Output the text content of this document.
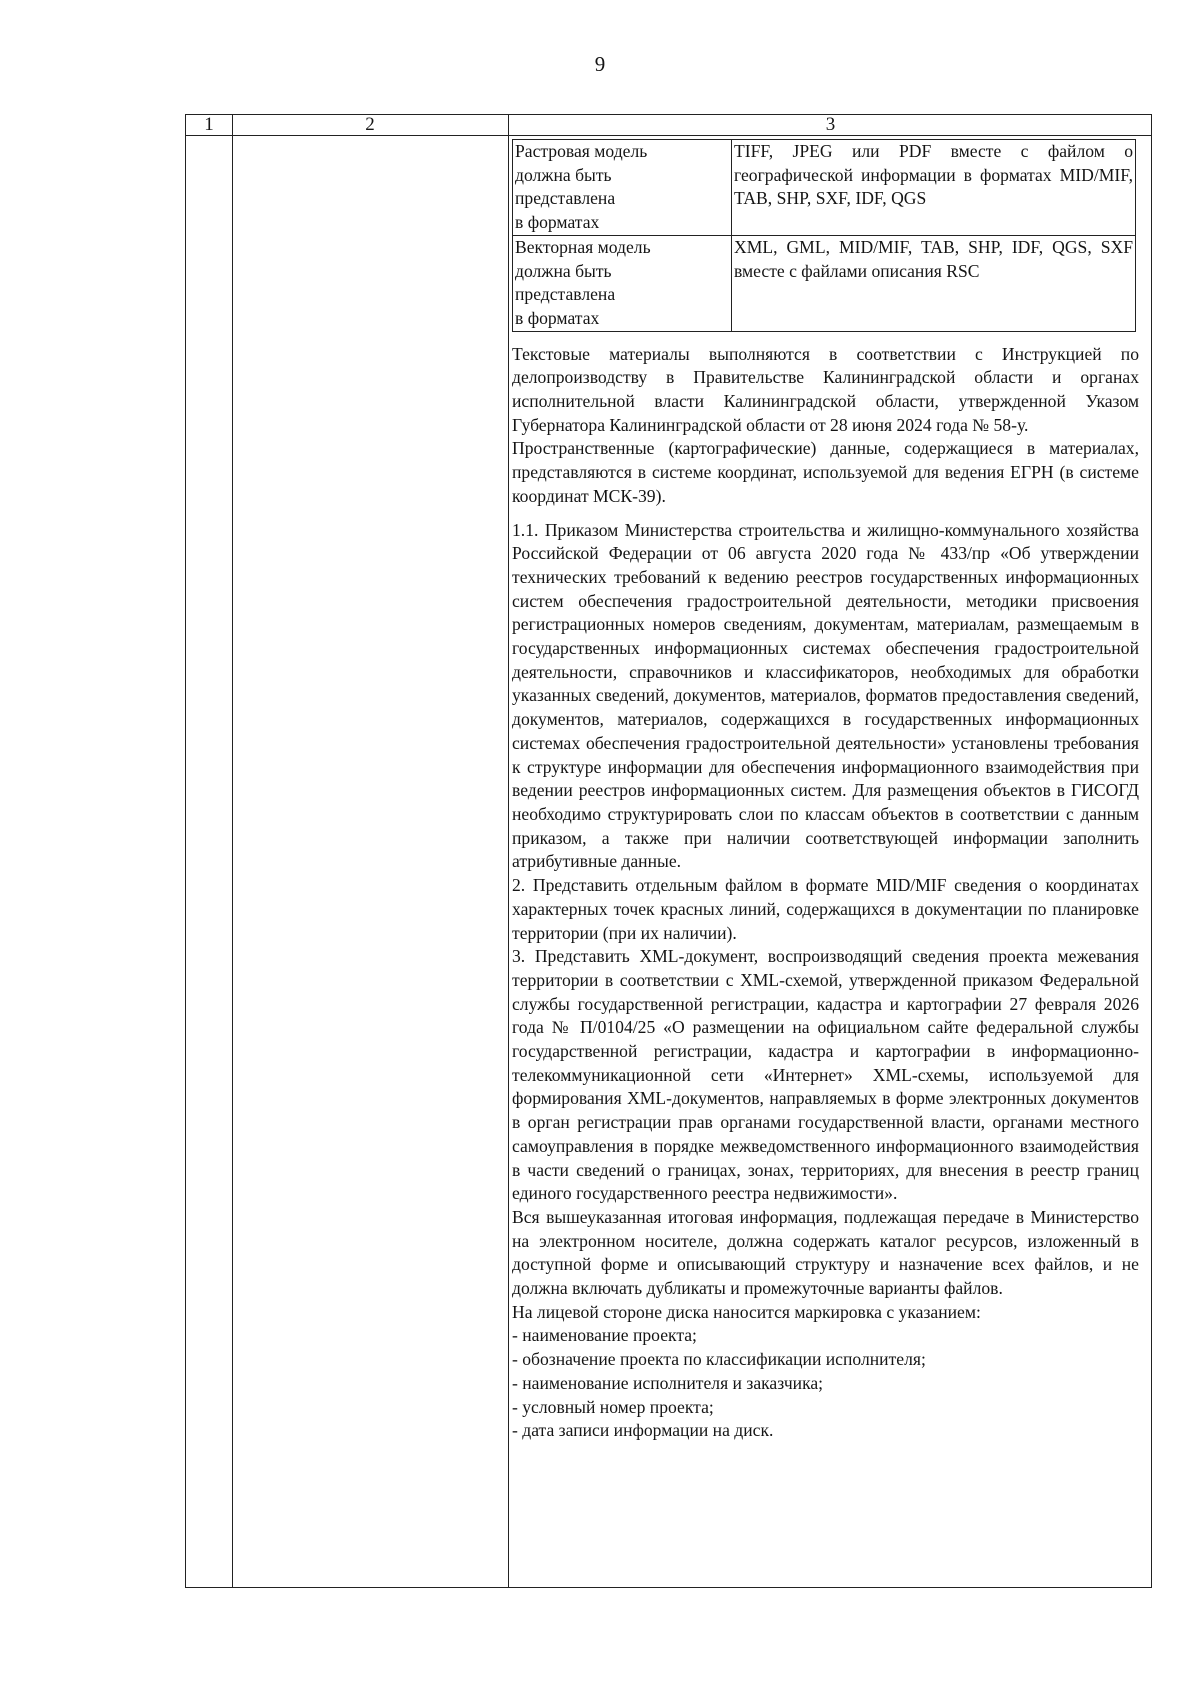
9
1	2	3
Растровая модель
должна быть
представлена
в форматах	TIFF, JPEG или PDF вместе с файлом о географической информации в форматах MID/MIF, TAB, SHP, SXF, IDF, QGS

Векторная модель
должна быть
представлена
в форматах	XML, GML, MID/MIF, TAB, SHP, IDF, QGS, SXF вместе с файлами описания RSC

Текстовые материалы выполняются в соответствии с Инструкцией по делопроизводству в Правительстве Калининградской области и органах исполнительной власти Калининградской области, утвержденной Указом Губернатора Калининградской области от 28 июня 2024 года № 58-у.

Пространственные (картографические) данные, содержащиеся в материалах, представляются в системе координат, используемой для ведения ЕГРН (в системе координат МСК-39).

1.1. Приказом Министерства строительства и жилищно-коммунального хозяйства Российской Федерации от 06 августа 2020 года № 433/пр «Об утверждении технических требований к ведению реестров государственных информационных систем обеспечения градостроительной деятельности, методики присвоения регистрационных номеров сведениям, документам, материалам, размещаемым в государственных информационных системах обеспечения градостроительной деятельности, справочников и классификаторов, необходимых для обработки указанных сведений, документов, материалов, форматов предоставления сведений, документов, материалов, содержащихся в государственных информационных системах обеспечения градостроительной деятельности» установлены требования к структуре информации для обеспечения информационного взаимодействия при ведении реестров информационных систем. Для размещения объектов в ГИСОГД необходимо структурировать слои по классам объектов в соответствии с данным приказом, а также при наличии соответствующей информации заполнить атрибутивные данные.

2. Представить отдельным файлом в формате MID/MIF сведения о координатах характерных точек красных линий, содержащихся в документации по планировке территории (при их наличии).

3. Представить XML-документ, воспроизводящий сведения проекта межевания территории в соответствии с XML-схемой, утвержденной приказом Федеральной службы государственной регистрации, кадастра и картографии 27 февраля 2026 года № П/0104/25 «О размещении на официальном сайте федеральной службы государственной регистрации, кадастра и картографии в информационно-телекоммуникационной сети «Интернет» XML-схемы, используемой для формирования XML-документов, направляемых в форме электронных документов в орган регистрации прав органами государственной власти, органами местного самоуправления в порядке межведомственного информационного взаимодействия в части сведений о границах, зонах, территориях, для внесения в реестр границ единого государственного реестра недвижимости».

Вся вышеуказанная итоговая информация, подлежащая передаче в Министерство на электронном носителе, должна содержать каталог ресурсов, изложенный в доступной форме и описывающий структуру и назначение всех файлов, и не должна включать дубликаты и промежуточные варианты файлов.

На лицевой стороне диска наносится маркировка с указанием:

- наименование проекта;
- обозначение проекта по классификации исполнителя;
- наименование исполнителя и заказчика;
- условный номер проекта;
- дата записи информации на диск.
